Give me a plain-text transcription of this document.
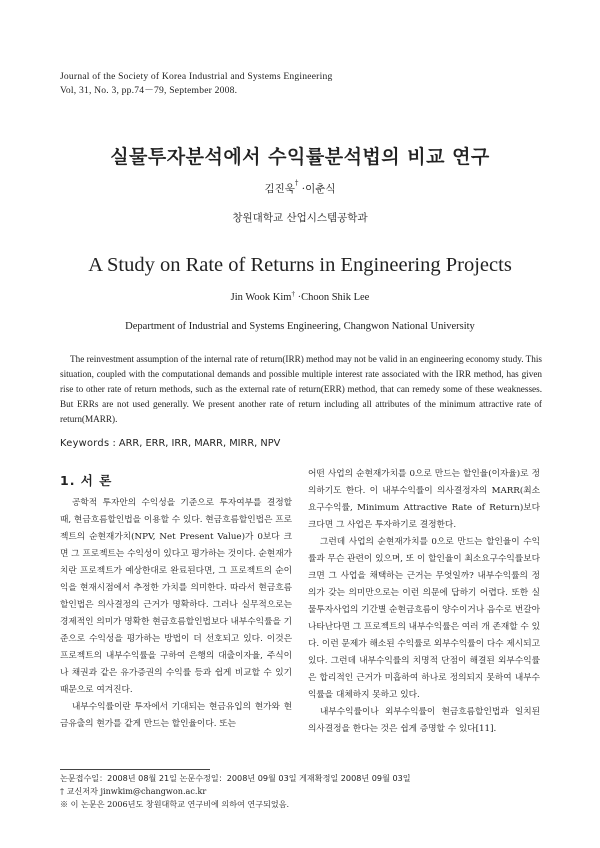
Journal of the Society of Korea Industrial and Systems Engineering
Vol, 31, No. 3, pp.74－79, September 2008.
실물투자분석에서 수익률분석법의 비교 연구
김진욱† ·이춘식
창원대학교 산업시스템공학과
A Study on Rate of Returns in Engineering Projects
Jin Wook Kim† ·Choon Shik Lee
Department of Industrial and Systems Engineering, Changwon National University
The reinvestment assumption of the internal rate of return(IRR) method may not be valid in an engineering economy study. This situation, coupled with the computational demands and possible multiple interest rate associated with the IRR method, has given rise to other rate of return methods, such as the external rate of return(ERR) method, that can remedy some of these weaknesses. But ERRs are not used generally. We present another rate of return including all attributes of the minimum attractive rate of return(MARR).
Keywords : ARR, ERR, IRR, MARR, MIRR, NPV
1. 서 론

공학적 투자안의 수익성을 기준으로 투자여부를 결정할 때, 현금흐름할인법을 이용할 수 있다. 현금흐름할인법은 프로젝트의 순현재가치(NPV, Net Present Value)가 0보다 크면 그 프로젝트는 수익성이 있다고 평가하는 것이다. 순현재가치란 프로젝트가 예상한대로 완료된다면, 그 프로젝트의 순이익을 현재시점에서 추정한 가치를 의미한다. 따라서 현금흐름할인법은 의사결정의 근거가 명확하다. 그러나 실무적으로는 경제적인 의미가 명확한 현금흐름할인법보다 내부수익률을 기준으로 수익성을 평가하는 방법이 더 선호되고 있다. 이것은 프로젝트의 내부수익률을 구하여 은행의 대출이자율, 주식이나 채권과 같은 유가증권의 수익률 등과 쉽게 비교할 수 있기 때문으로 여겨진다.

내부수익률이란 투자에서 기대되는 현금유입의 현가와 현금유출의 현가를 같게 만드는 할인율이다. 또는

어떤 사업의 순현재가치를 0으로 만드는 할인율(이자율)로 정의하기도 한다. 이 내부수익률이 의사결정자의 MARR(최소요구수익률, Minimum Attractive Rate of Return)보다 크다면 그 사업은 투자하기로 결정한다.

그런데 사업의 순현재가치를 0으로 만드는 할인율이 수익률과 무슨 관련이 있으며, 또 이 할인율이 최소요구수익률보다 크면 그 사업을 채택하는 근거는 무엇일까? 내부수익률의 정의가 갖는 의미만으로는 이런 의문에 답하기 어렵다. 또한 실물투자사업의 기간별 순현금흐름이 양수이거나 음수로 번갈아 나타난다면 그 프로젝트의 내부수익률은 여러 개 존재할 수 있다. 이런 문제가 해소된 수익률로 외부수익률이 다수 제시되고 있다. 그런데 내부수익률의 치명적 단점이 해결된 외부수익률은 합리적인 근거가 미흡하여 하나로 정의되지 못하여 내부수익률을 대체하지 못하고 있다.

내부수익률이나 외부수익률이 현금흐름할인법과 일치된 의사결정을 한다는 것은 쉽게 증명할 수 있다[11].

논문접수일：2008년 08월 21일 논문수정일：2008년 09월 03일 게재확정일 2008년 09월 03일
† 교신저자 jinwkim@changwon.ac.kr
※ 이 논문은 2006년도 창원대학교 연구비에 의하여 연구되었음.
